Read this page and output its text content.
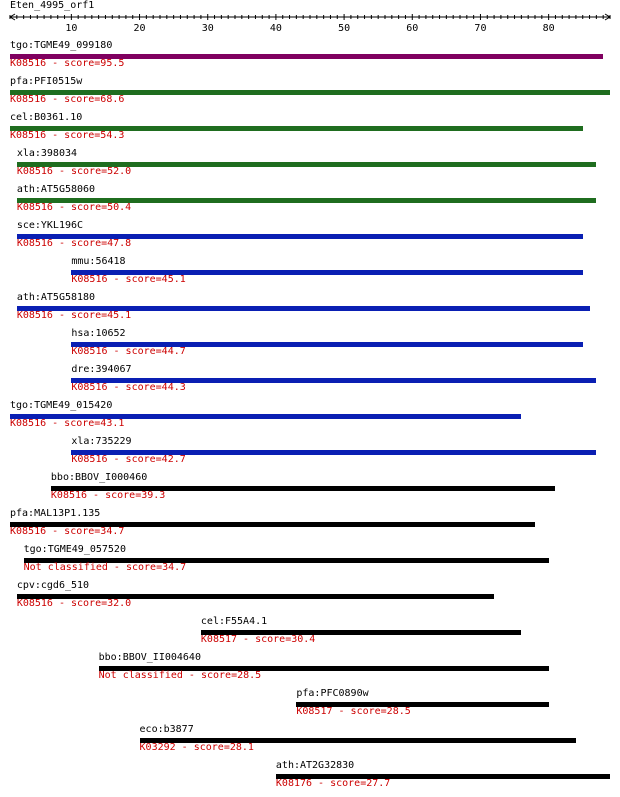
Eten_4995_orf1
10	20	30	40	50	60	70	80
tgo:TGME49_099180
K08516 - score=95.5
pfa:PFI0515w
K08516 - score=68.6
cel:B0361.10
K08516 - score=54.3
xla:398034
K08516 - score=52.0
ath:AT5G58060
K08516 - score=50.4
sce:YKL196C
K08516 - score=47.8
mmu:56418
K08516 - score=45.1
ath:AT5G58180
K08516 - score=45.1
hsa:10652
K08516 - score=44.7
dre:394067
K08516 - score=44.3
tgo:TGME49_015420
K08516 - score=43.1
xla:735229
K08516 - score=42.7
bbo:BBOV_I000460
K08516 - score=39.3
pfa:MAL13P1.135
K08516 - score=34.7
tgo:TGME49_057520
Not classified - score=34.7
cpv:cgd6_510
K08516 - score=32.0
cel:F55A4.1
K08517 - score=30.4
bbo:BBOV_II004640
Not classified - score=28.5
pfa:PFC0890w
K08517 - score=28.5
eco:b3877
K03292 - score=28.1
ath:AT2G32830
K08176 - score=27.7
